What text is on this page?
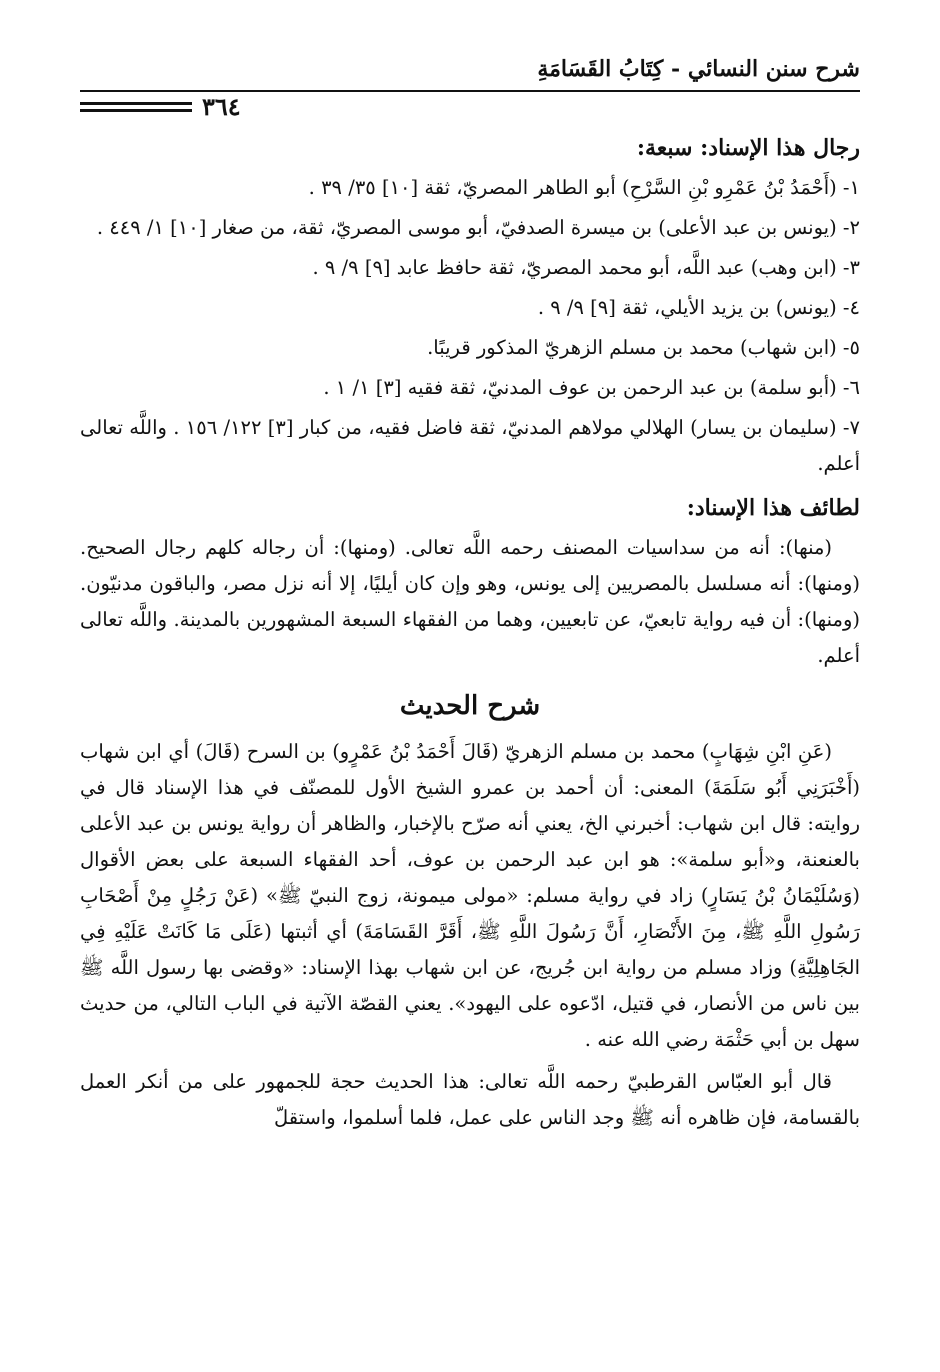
شرح سنن النسائي - كِتَابُ القَسَامَةِ
٣٦٤
رجال هذا الإسناد: سبعة:

١- (أَحْمَدُ بْنُ عَمْرِو بْنِ السَّرْحِ) أبو الطاهر المصريّ، ثقة [١٠] ٣٥/ ٣٩ .

٢- (يونس بن عبد الأعلى) بن ميسرة الصدفيّ، أبو موسى المصريّ، ثقة، من صغار [١٠] ١/ ٤٤٩ .

٣- (ابن وهب) عبد اللَّه، أبو محمد المصريّ، ثقة حافظ عابد [٩] ٩/ ٩ .

٤- (يونس) بن يزيد الأيلي، ثقة [٩] ٩/ ٩ .

٥- (ابن شهاب) محمد بن مسلم الزهريّ المذكور قريبًا.

٦- (أبو سلمة) بن عبد الرحمن بن عوف المدنيّ، ثقة فقيه [٣] ١/ ١ .

٧- (سليمان بن يسار) الهلالي مولاهم المدنيّ، ثقة فاضل فقيه، من كبار [٣] ١٢٢/ ١٥٦ . واللَّه تعالى أعلم.

لطائف هذا الإسناد:

(منها): أنه من سداسيات المصنف رحمه اللَّه تعالى. (ومنها): أن رجاله كلهم رجال الصحيح. (ومنها): أنه مسلسل بالمصريين إلى يونس، وهو وإن كان أيليًا، إلا أنه نزل مصر، والباقون مدنيّون. (ومنها): أن فيه رواية تابعيّ، عن تابعيين، وهما من الفقهاء السبعة المشهورين بالمدينة. واللَّه تعالى أعلم.

شرح الحديث

(عَنِ ابْنِ شِهَابٍ) محمد بن مسلم الزهريّ (قَالَ أَحْمَدُ بْنُ عَمْرٍو) بن السرح (قَالَ) أي ابن شهاب (أَخْبَرَنِي أَبُو سَلَمَةَ) المعنى: أن أحمد بن عمرو الشيخ الأول للمصنّف في هذا الإسناد قال في روايته: قال ابن شهاب: أخبرني الخ، يعني أنه صرّح بالإخبار، والظاهر أن رواية يونس بن عبد الأعلى بالعنعنة، و«أبو سلمة»: هو ابن عبد الرحمن بن عوف، أحد الفقهاء السبعة على بعض الأقوال (وَسُلَيْمَانُ بْنُ يَسَارٍ) زاد في رواية مسلم: «مولى ميمونة، زوج النبيّ ﷺ» (عَنْ رَجُلٍ مِنْ أَصْحَابِ رَسُولِ اللَّهِ ﷺ، مِنَ الأَنْصَارِ، أَنَّ رَسُولَ اللَّهِ ﷺ، أَقَرَّ القَسَامَةَ) أي أثبتها (عَلَى مَا كَانَتْ عَلَيْهِ فِي الجَاهِلِيَّةِ) وزاد مسلم من رواية ابن جُريج، عن ابن شهاب بهذا الإسناد: «وقضى بها رسول اللَّه ﷺ بين ناس من الأنصار، في قتيل، ادّعوه على اليهود». يعني القصّة الآتية في الباب التالي، من حديث سهل بن أبي حَثْمَة رضي الله عنه .

قال أبو العبّاس القرطبيّ رحمه اللَّه تعالى: هذا الحديث حجة للجمهور على من أنكر العمل بالقسامة، فإن ظاهره أنه ﷺ وجد الناس على عمل، فلما أسلموا، واستقلّ
